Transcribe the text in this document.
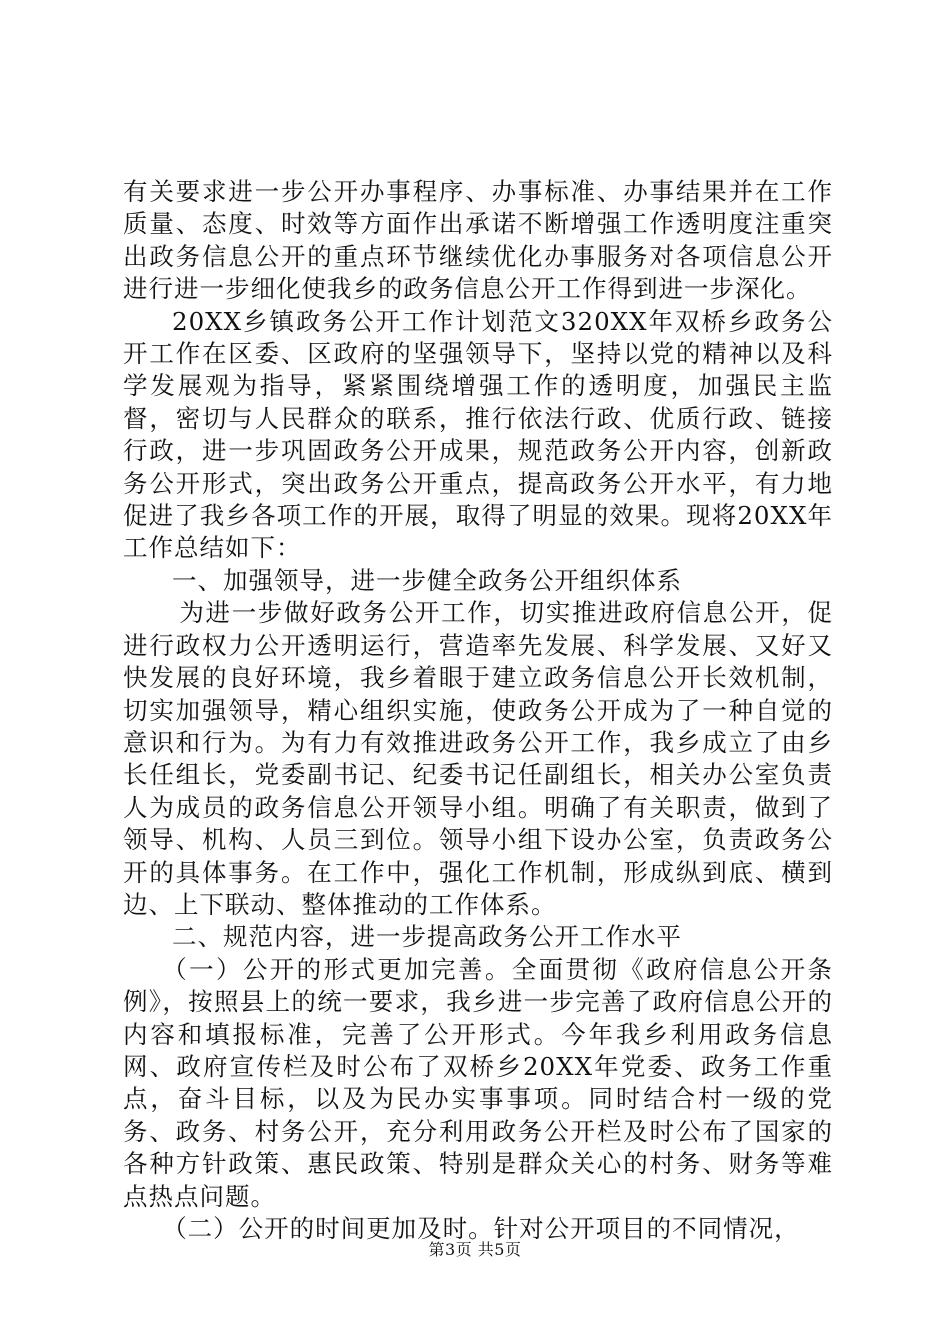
有关要求进一步公开办事程序、办事标准、办事结果并在工作质量、态度、时效等方面作出承诺不断增强工作透明度注重突出政务信息公开的重点环节继续优化办事服务对各项信息公开进行进一步细化使我乡的政务信息公开工作得到进一步深化。

20XX乡镇政务公开工作计划范文320XX年双桥乡政务公开工作在区委、区政府的坚强领导下，坚持以党的精神以及科学发展观为指导，紧紧围绕增强工作的透明度，加强民主监督，密切与人民群众的联系，推行依法行政、优质行政、链接行政，进一步巩固政务公开成果，规范政务公开内容，创新政务公开形式，突出政务公开重点，提高政务公开水平，有力地促进了我乡各项工作的开展，取得了明显的效果。现将20XX年工作总结如下：

一、加强领导，进一步健全政务公开组织体系

为进一步做好政务公开工作，切实推进政府信息公开，促进行政权力公开透明运行，营造率先发展、科学发展、又好又快发展的良好环境，我乡着眼于建立政务信息公开长效机制，切实加强领导，精心组织实施，使政务公开成为了一种自觉的意识和行为。为有力有效推进政务公开工作，我乡成立了由乡长任组长，党委副书记、纪委书记任副组长，相关办公室负责人为成员的政务信息公开领导小组。明确了有关职责，做到了领导、机构、人员三到位。领导小组下设办公室，负责政务公开的具体事务。在工作中，强化工作机制，形成纵到底、横到边、上下联动、整体推动的工作体系。

二、规范内容，进一步提高政务公开工作水平

（一）公开的形式更加完善。全面贯彻《政府信息公开条例》，按照县上的统一要求，我乡进一步完善了政府信息公开的内容和填报标准，完善了公开形式。今年我乡利用政务信息网、政府宣传栏及时公布了双桥乡20XX年党委、政务工作重点，奋斗目标，以及为民办实事事项。同时结合村一级的党务、政务、村务公开，充分利用政务公开栏及时公布了国家的各种方针政策、惠民政策、特别是群众关心的村务、财务等难点热点问题。

（二）公开的时间更加及时。针对公开项目的不同情况，

第3页 共5页
